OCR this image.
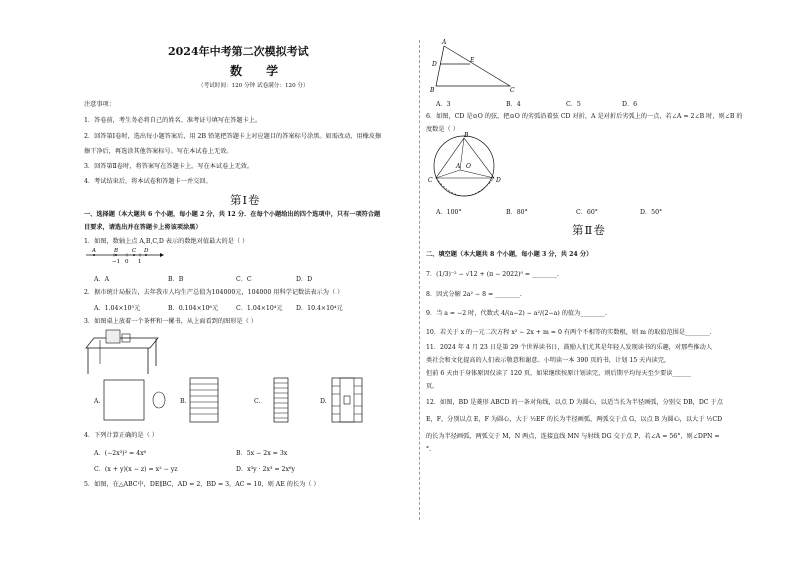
2024年中考第二次模拟考试
数 学
（考试时间：120 分钟 试卷满分：120 分）
注意事项：
1．答卷前，考生务必将自己的姓名、准考证号填写在答题卡上。
2．回答第Ⅰ卷时，选出每小题答案后，用 2B 铅笔把答题卡上对应题目的答案标号涂黑。如需改动，用橡皮擦
擦干净后，再选涂其他答案标号。写在本试卷上无效。
3．回答第Ⅱ卷时，将答案写在答题卡上。写在本试卷上无效。
4．考试结束后，将本试卷和答题卡一并交回。
第Ⅰ卷
一、选择题（本大题共 6 个小题，每小题 2 分，共 12 分．在每个小题给出的四个选项中，只有一项符合题
目要求，请选出并在答题卡上将该项涂黑）
1．如图，数轴上点 A,B,C,D 表示的数绝对值最大的是（ ）
A	B	C D
−1 0 1
A．A	B．B	C．C	D．D
2．据市统计局报告，去年我市人均生产总值为104000元，104000 用科学记数法表示为（ ）
A．1.04×10⁵元	B．0.104×10⁶元	C．1.04×10⁴元 D．10.4×10⁴元
3．如图桌上放着一个茶杯和一摞书，从上面看到的图形是（ ）
A.	B.	C.	D.
4．下列计算正确的是（ ）
A．(−2x³)² = 4x⁶	B．5x − 2x = 3x
C．(x + y)(x − z) = x² − yz	D．x³y · 2x³ = 2x⁶y
5．如图，在△ABC中，DE∥BC，AD = 2，BD = 3，AC = 10，则 AE 的长为（ ）
A
D
E
B	C
A．3	B．4	C．5	D．6
6．如图，CD 是⊙O 的弦，把⊙O 的劣弧沿着弦 CD 对折，A 是对折后劣弧上的一点，若∠A = 2∠B 时，则∠B 的
度数是（ ）
B
O
A
C	D
A．100°	B．80°	C．60°	D．50°
第Ⅱ卷
二、填空题（本大题共 8 个小题，每小题 3 分，共 24 分）
7．(1/3)⁻² − √12 + (π − 2022)⁰ = ________.
8．因式分解 2a² − 8 = ________.
9．当 a = −2 时，代数式 4/(a−2) − a²/(2−a) 的值为________.
10．若关于 x 的一元二次方程 x² − 2x + m = 0 有两个不相等的实数根，则 m 的取值范围是________.
11．2024 年 4 月 23 日是第 29 个世界读书日，鼓励人们尤其是年轻人发现读书的乐趣，对那些推动人
类社会和文化提高的人们表示敬意和谢意。小明读一本 390 页的书，计划 15 天内读完，
但前 6 天由于身体原因仅读了 120 页，如果继续按原计划读完，则后期平均每天至少要读______
页。
12．如图，BD 是菱形 ABCD 的一条对角线，以点 D 为圆心，以适当长为半径画弧，分别交 DB，DC 于点
E，F，分别以点 E，F 为圆心，大于 ½EF 的长为半径画弧，两弧交于点 G，以点 B 为圆心，以大于 ½CD
的长为半径画弧，两弧交于 M，N 两点，连接直线 MN 与射线 DG 交于点 P，若∠A = 56°，则∠DPN =
°.
